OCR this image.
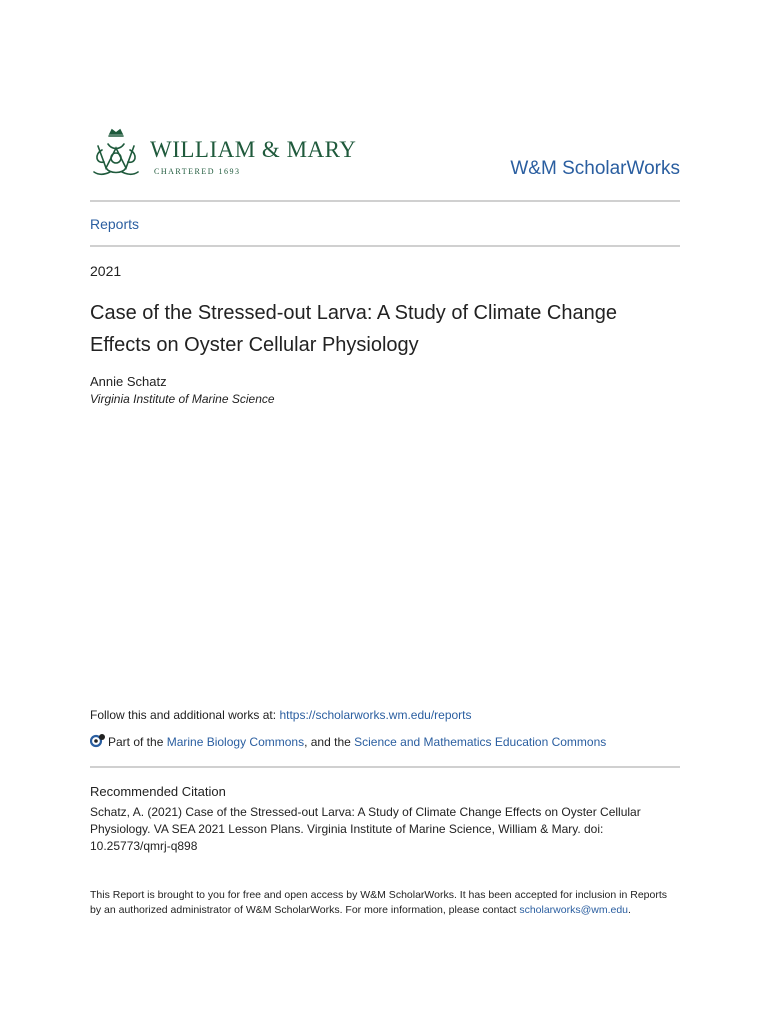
WILLIAM & MARY
CHARTERED 1693	W&M ScholarWorks
Reports
2021
Case of the Stressed-out Larva: A Study of Climate Change Effects on Oyster Cellular Physiology
Annie Schatz
Virginia Institute of Marine Science
Follow this and additional works at: https://scholarworks.wm.edu/reports
Part of the Marine Biology Commons, and the Science and Mathematics Education Commons
Recommended Citation
Schatz, A. (2021) Case of the Stressed-out Larva: A Study of Climate Change Effects on Oyster Cellular Physiology. VA SEA 2021 Lesson Plans. Virginia Institute of Marine Science, William & Mary. doi: 10.25773/qmrj-q898
This Report is brought to you for free and open access by W&M ScholarWorks. It has been accepted for inclusion in Reports by an authorized administrator of W&M ScholarWorks. For more information, please contact scholarworks@wm.edu.
